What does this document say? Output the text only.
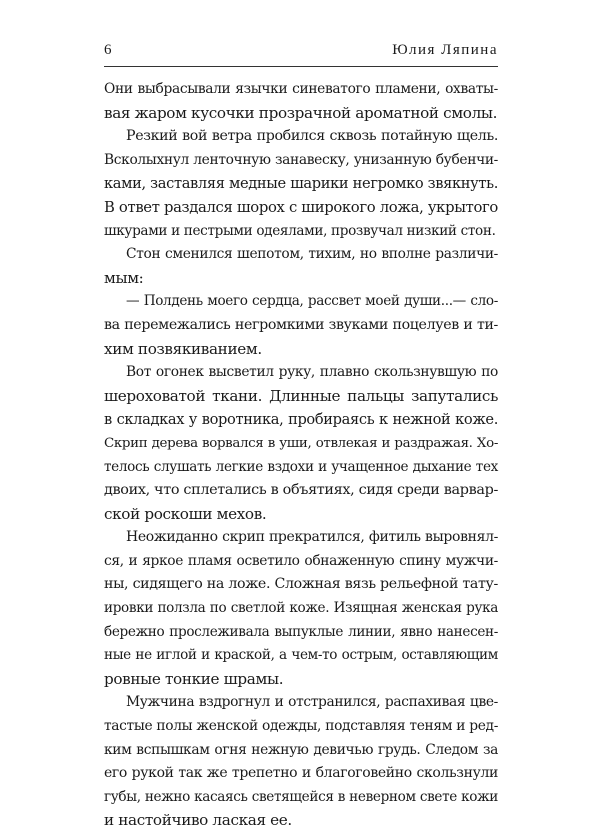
6	Юлия Ляпина
Они выбрасывали язычки синеватого пламени, охваты-
вая жаром кусочки прозрачной ароматной смолы.
Резкий вой ветра пробился сквозь потайную щель.
Всколыхнул ленточную занавеску, унизанную бубенчи-
ками, заставляя медные шарики негромко звякнуть.
В ответ раздался шорох с широкого ложа, укрытого
шкурами и пестрыми одеялами, прозвучал низкий стон.
Стон сменился шепотом, тихим, но вполне различи-
мым:
— Полдень моего сердца, рассвет моей души...— сло-
ва перемежались негромкими звуками поцелуев и ти-
хим позвякиванием.
Вот огонек высветил руку, плавно скользнувшую по
шероховатой ткани. Длинные пальцы запутались
в складках у воротника, пробираясь к нежной коже.
Скрип дерева ворвался в уши, отвлекая и раздражая. Хо-
телось слушать легкие вздохи и учащенное дыхание тех
двоих, что сплетались в объятиях, сидя среди варвар-
ской роскоши мехов.
Неожиданно скрип прекратился, фитиль выровнял-
ся, и яркое пламя осветило обнаженную спину мужчи-
ны, сидящего на ложе. Сложная вязь рельефной тату-
ировки ползла по светлой коже. Изящная женская рука
бережно прослеживала выпуклые линии, явно нанесен-
ные не иглой и краской, а чем-то острым, оставляющим
ровные тонкие шрамы.
Мужчина вздрогнул и отстранился, распахивая цве-
тастые полы женской одежды, подставляя теням и ред-
ким вспышкам огня нежную девичью грудь. Следом за
его рукой так же трепетно и благоговейно скользнули
губы, нежно касаясь светящейся в неверном свете кожи
и настойчиво лаская ее.
